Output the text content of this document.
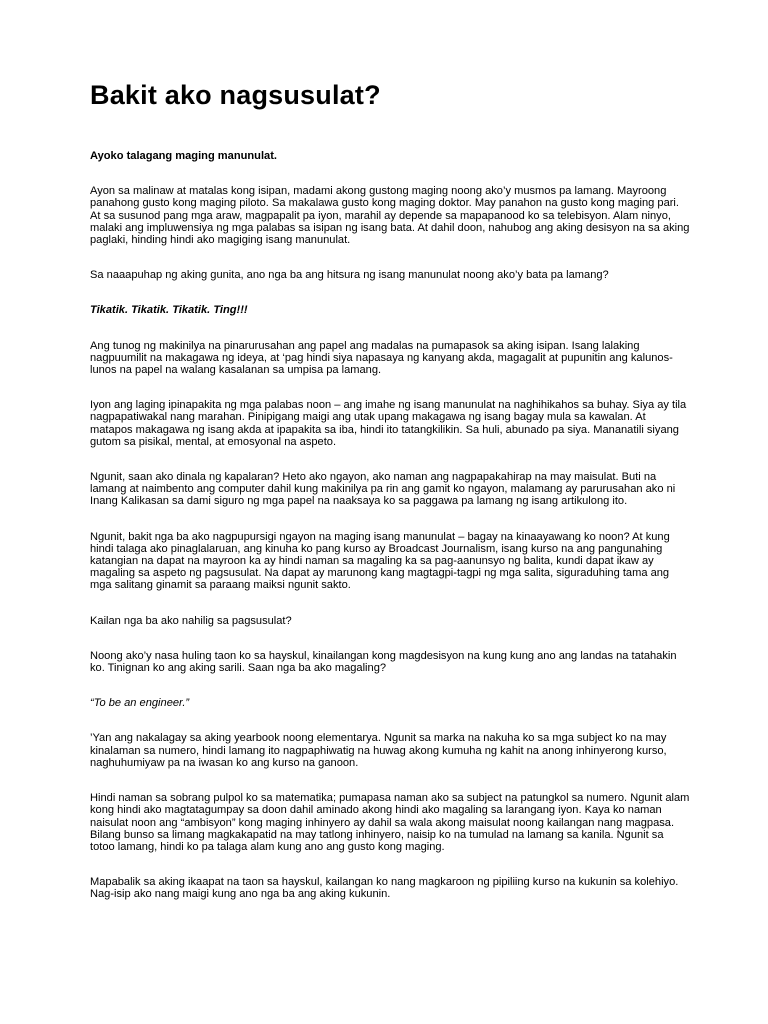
Bakit ako nagsusulat?

Ayoko talagang maging manunulat.

Ayon sa malinaw at matalas kong isipan, madami akong gustong maging noong ako’y musmos pa lamang. Mayroong panahong gusto kong maging piloto. Sa makalawa gusto kong maging doktor. May panahon na gusto kong maging pari. At sa susunod pang mga araw, magpapalit pa iyon, marahil ay depende sa mapapanood ko sa telebisyon. Alam ninyo, malaki ang impluwensiya ng mga palabas sa isipan ng isang bata. At dahil doon, nahubog ang aking desisyon na sa aking paglaki, hinding hindi ako magiging isang manunulat.

Sa naaapuhap ng aking gunita, ano nga ba ang hitsura ng isang manunulat noong ako’y bata pa lamang?

Tikatik. Tikatik. Tikatik. Ting!!!

Ang tunog ng makinilya na pinarurusahan ang papel ang madalas na pumapasok sa aking isipan. Isang lalaking nagpuumilit na makagawa ng ideya, at ‘pag hindi siya napasaya ng kanyang akda, magagalit at pupunitin ang kalunos-lunos na papel na walang kasalanan sa umpisa pa lamang.

Iyon ang laging ipinapakita ng mga palabas noon – ang imahe ng isang manunulat na naghihikahos sa buhay. Siya ay tila nagpapatiwakal nang marahan. Pinipigang maigi ang utak upang makagawa ng isang bagay mula sa kawalan. At matapos makagawa ng isang akda at ipapakita sa iba, hindi ito tatangkilikin. Sa huli, abunado pa siya. Mananatili siyang gutom sa pisikal, mental, at emosyonal na aspeto.

Ngunit, saan ako dinala ng kapalaran? Heto ako ngayon, ako naman ang nagpapakahirap na may maisulat. Buti na lamang at naimbento ang computer dahil kung makinilya pa rin ang gamit ko ngayon, malamang ay parurusahan ako ni Inang Kalikasan sa dami siguro ng mga papel na naaksaya ko sa paggawa pa lamang ng isang artikulong ito.

Ngunit, bakit nga ba ako nagpupursigi ngayon na maging isang manunulat – bagay na kinaayawang ko noon? At kung hindi talaga ako pinaglalaruan, ang kinuha ko pang kurso ay Broadcast Journalism, isang kurso na ang pangunahing katangian na dapat na mayroon ka ay hindi naman sa magaling ka sa pag-aanunsyo ng balita, kundi dapat ikaw ay magaling sa aspeto ng pagsusulat. Na dapat ay marunong kang magtagpi-tagpi ng mga salita, siguraduhing tama ang mga salitang ginamit sa paraang maiksi ngunit sakto.

Kailan nga ba ako nahilig sa pagsusulat?

Noong ako’y nasa huling taon ko sa hayskul, kinailangan kong magdesisyon na kung kung ano ang landas na tatahakin ko. Tinignan ko ang aking sarili. Saan nga ba ako magaling?

“To be an engineer.”

’Yan ang nakalagay sa aking yearbook noong elementarya. Ngunit sa marka na nakuha ko sa mga subject ko na may kinalaman sa numero, hindi lamang ito nagpaphiwatig na huwag akong kumuha ng kahit na anong inhinyerong kurso, naghuhumiyaw pa na iwasan ko ang kurso na ganoon.

Hindi naman sa sobrang pulpol ko sa matematika; pumapasa naman ako sa subject na patungkol sa numero. Ngunit alam kong hindi ako magtatagumpay sa doon dahil aminado akong hindi ako magaling sa larangang iyon. Kaya ko naman naisulat noon ang “ambisyon” kong maging inhinyero ay dahil sa wala akong maisulat noong kailangan nang magpasa. Bilang bunso sa limang magkakapatid na may tatlong inhinyero, naisip ko na tumulad na lamang sa kanila. Ngunit sa totoo lamang, hindi ko pa talaga alam kung ano ang gusto kong maging.

Mapabalik sa aking ikaapat na taon sa hayskul, kailangan ko nang magkaroon ng pipiliing kurso na kukunin sa kolehiyo. Nag-isip ako nang maigi kung ano nga ba ang aking kukunin.
